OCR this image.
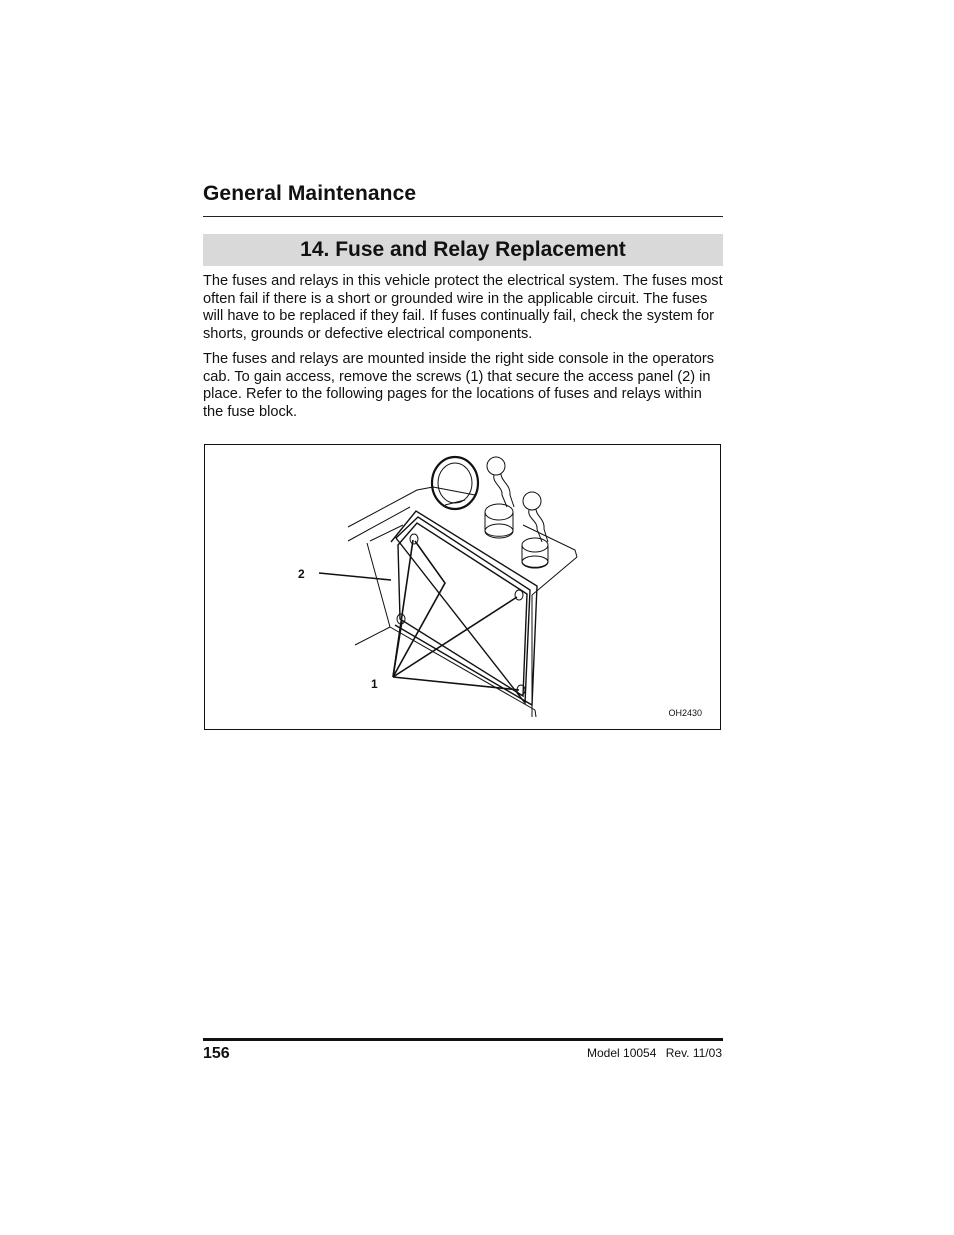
General Maintenance
14. Fuse and Relay Replacement

The fuses and relays in this vehicle protect the electrical system. The fuses most often fail if there is a short or grounded wire in the applicable circuit. The fuses will have to be replaced if they fail. If fuses continually fail, check the system for shorts, grounds or defective electrical components.

The fuses and relays are mounted inside the right side console in the operators cab. To gain access, remove the screws (1) that secure the access panel (2) in place. Refer to the following pages for the locations of fuses and relays within the fuse block.

2
1
OH2430
156	Model 10054 Rev. 11/03
